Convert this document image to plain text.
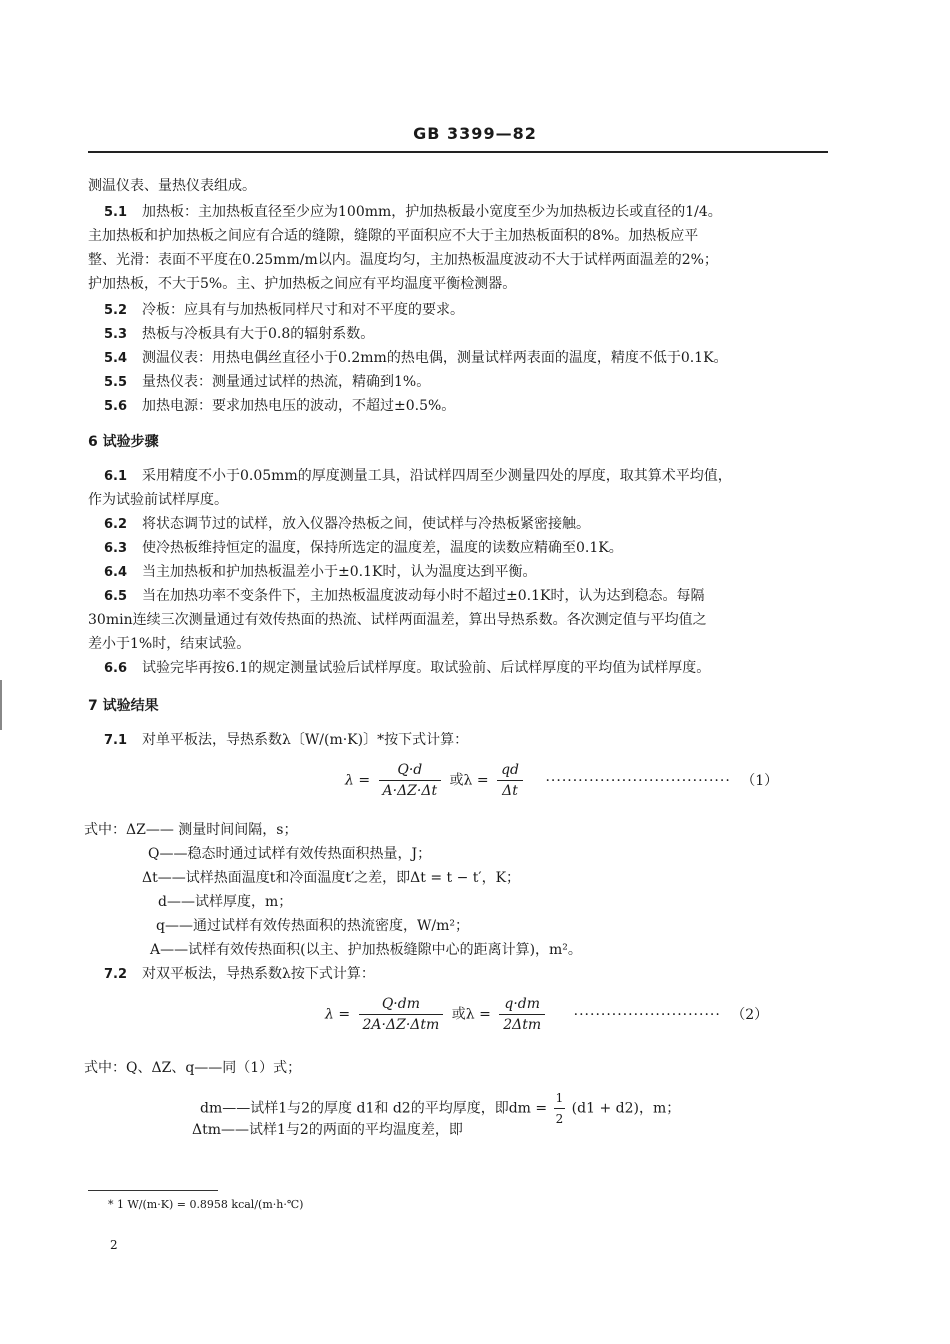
GB 3399—82
测温仪表、量热仪表组成。
5.1 加热板：主加热板直径至少应为100mm，护加热板最小宽度至少为加热板边长或直径的1/4。
主加热板和护加热板之间应有合适的缝隙，缝隙的平面积应不大于主加热板面积的8%。加热板应平
整、光滑：表面不平度在0.25mm/m以内。温度均匀，主加热板温度波动不大于试样两面温差的2%；
护加热板，不大于5%。主、护加热板之间应有平均温度平衡检测器。
5.2 冷板：应具有与加热板同样尺寸和对不平度的要求。
5.3 热板与冷板具有大于0.8的辐射系数。
5.4 测温仪表：用热电偶丝直径小于0.2mm的热电偶，测量试样两表面的温度，精度不低于0.1K。
5.5 量热仪表：测量通过试样的热流，精确到1%。
5.6 加热电源：要求加热电压的波动，不超过±0.5%。
6 试验步骤
6.1 采用精度不小于0.05mm的厚度测量工具，沿试样四周至少测量四处的厚度，取其算术平均值，
作为试验前试样厚度。
6.2 将状态调节过的试样，放入仪器冷热板之间，使试样与冷热板紧密接触。
6.3 使冷热板维持恒定的温度，保持所选定的温度差，温度的读数应精确至0.1K。
6.4 当主加热板和护加热板温差小于±0.1K时，认为温度达到平衡。
6.5 当在加热功率不变条件下，主加热板温度波动每小时不超过±0.1K时，认为达到稳态。每隔
30min连续三次测量通过有效传热面的热流、试样两面温差，算出导热系数。各次测定值与平均值之
差小于1%时，结束试验。
6.6 试验完毕再按6.1的规定测量试验后试样厚度。取试验前、后试样厚度的平均值为试样厚度。
7 试验结果
7.1 对单平板法，导热系数λ〔W/(m·K)〕*按下式计算：
$\lambda = \frac{Q\cdot d}{A\cdot\Delta Z\cdot\Delta t}$ 或$\lambda = \frac{qd}{\Delta t}$ ·································· （1）
式中：ΔZ—— 测量时间间隔，s；
Q——稳态时通过试样有效传热面积热量，J；
Δt——试样热面温度t和冷面温度t′之差，即Δt = t − t′，K；
d——试样厚度，m；
q——通过试样有效传热面积的热流密度，W/m²；
A——试样有效传热面积(以主、护加热板缝隙中心的距离计算)，m²。
7.2 对双平板法，导热系数λ按下式计算：
$\lambda = \frac{Q\cdot dm}{\text{2A·ΔZ·Δtm}}$ 或$\lambda = \frac{q\cdot dm}{\text{2Δtm}}$ ··························· （2）
式中：Q、ΔZ、q——同（1）式；
dm——试样1与2的厚度 d1和 d2的平均厚度，即dm = $\frac{1}{2} (d1 + d2)$，m；
Δtm——试样1与2的两面的平均温度差，即
* 1 W/(m·K) = 0.8958 kcal/(m·h·℃)
2
